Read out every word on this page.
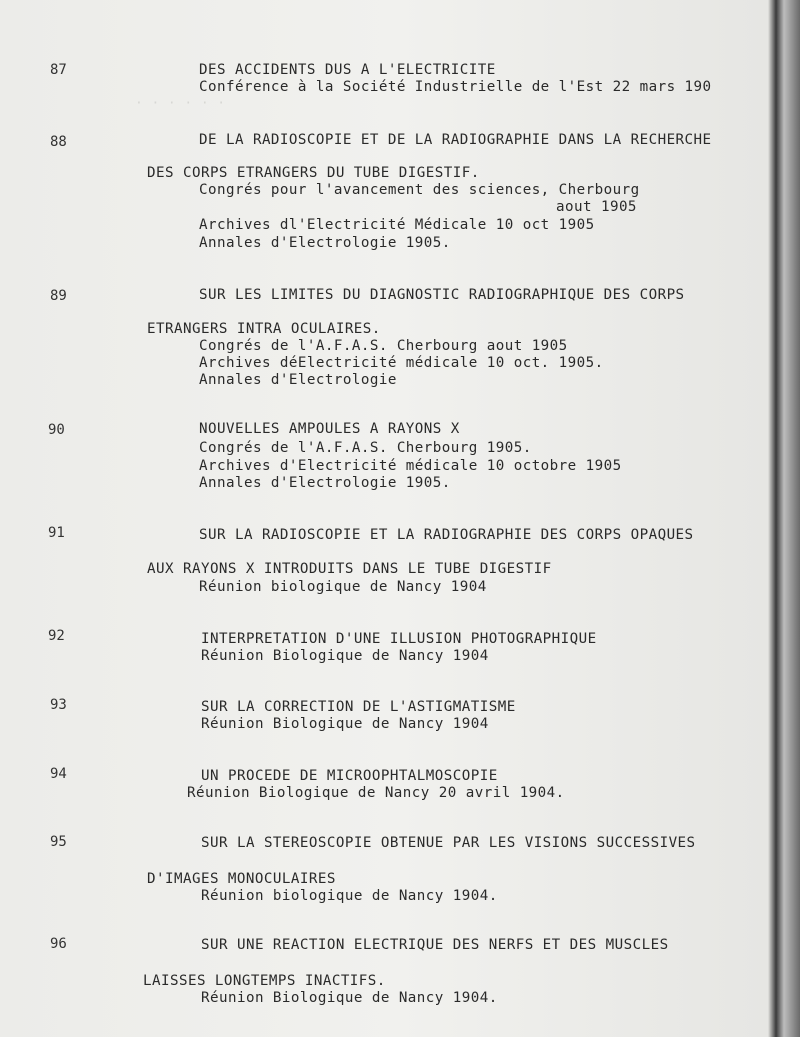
· · · · · ·
87	DES ACCIDENTS DUS A L'ELECTRICITE
Conférence à la Société Industrielle de l'Est 22 mars 190
88	DE LA RADIOSCOPIE ET DE LA RADIOGRAPHIE DANS LA RECHERCHE
DES CORPS ETRANGERS DU TUBE DIGESTIF.
Congrés pour l'avancement des sciences, Cherbourg
aout 1905
Archives dl'Electricité Médicale 10 oct 1905
Annales d'Electrologie 1905.
89	SUR LES LIMITES DU DIAGNOSTIC RADIOGRAPHIQUE DES CORPS
ETRANGERS INTRA OCULAIRES.
Congrés de l'A.F.A.S. Cherbourg aout 1905
Archives déElectricité médicale 10 oct. 1905.
Annales d'Electrologie
90	NOUVELLES AMPOULES A RAYONS X
Congrés de l'A.F.A.S. Cherbourg 1905.
Archives d'Electricité médicale 10 octobre 1905
Annales d'Electrologie 1905.
91	SUR LA RADIOSCOPIE ET LA RADIOGRAPHIE DES CORPS OPAQUES
AUX RAYONS X INTRODUITS DANS LE TUBE DIGESTIF
Réunion biologique de Nancy 1904
92	INTERPRETATION D'UNE ILLUSION PHOTOGRAPHIQUE
Réunion Biologique de Nancy 1904
93	SUR LA CORRECTION DE L'ASTIGMATISME
Réunion Biologique de Nancy 1904
94	UN PROCEDE DE MICROOPHTALMOSCOPIE
Réunion Biologique de Nancy 20 avril 1904.
95	SUR LA STEREOSCOPIE OBTENUE PAR LES VISIONS SUCCESSIVES
D'IMAGES MONOCULAIRES
Réunion biologique de Nancy 1904.
96	SUR UNE REACTION ELECTRIQUE DES NERFS ET DES MUSCLES
LAISSES LONGTEMPS INACTIFS.
Réunion Biologique de Nancy 1904.
